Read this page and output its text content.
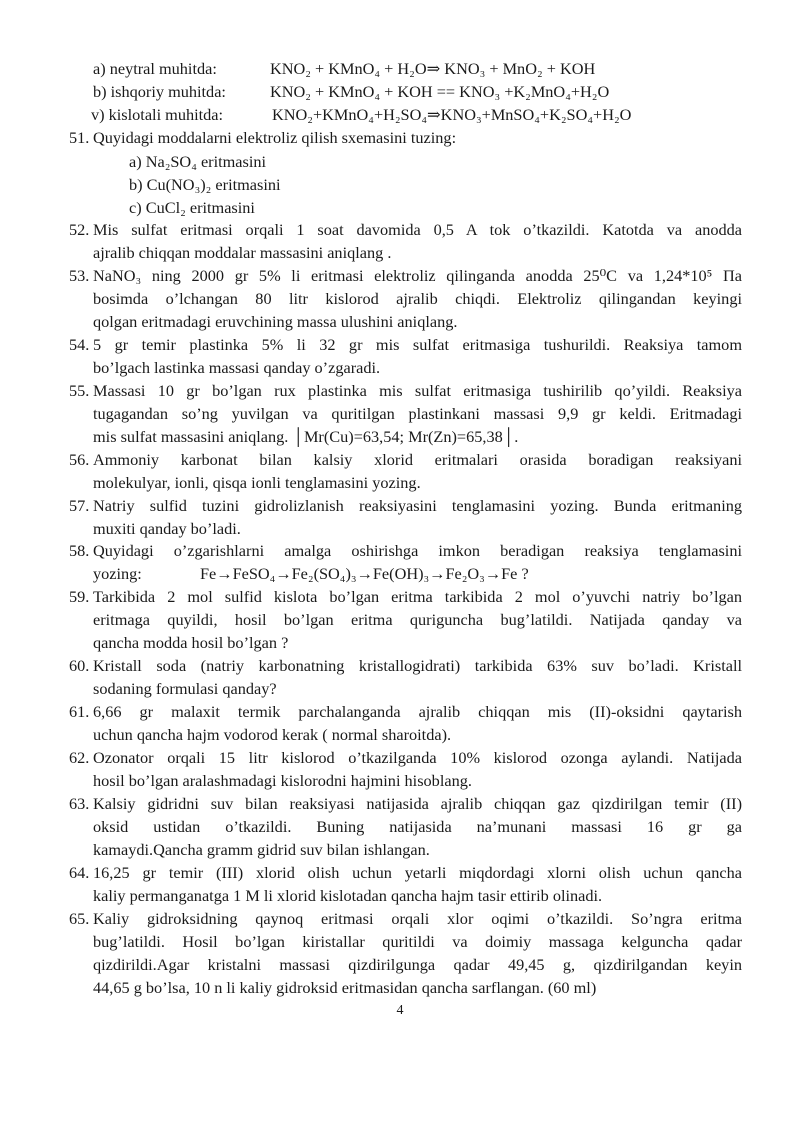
a) neytral muhitda:	KNO₂ + KMnO₄ + H₂O⇒ KNO₃ + MnO₂ + KOH
b) ishqoriy muhitda:	KNO₂ + KMnO₄ + KOH == KNO₃ +K₂MnO₄+H₂O
v) kislotali muhitda:	KNO₂+KMnO₄+H₂SO₄⇒KNO₃+MnSO₄+K₂SO₄+H₂O
51. Quyidagi moddalarni elektroliz qilish sxemasini tuzing:
a) Na₂SO₄ eritmasini
b) Cu(NO₃)₂ eritmasini
c) CuCl₂ eritmasini
52. Mis sulfat eritmasi orqali 1 soat davomida 0,5 A tok o’tkazildi. Katotda va anodda
ajralib chiqqan moddalar massasini aniqlang .
53. NaNO₃ ning 2000 gr 5% li eritmasi elektroliz qilinganda anodda 25⁰C va 1,24*10⁵ Па
bosimda o’lchangan 80 litr kislorod ajralib chiqdi. Elektroliz qilingandan keyingi
qolgan eritmadagi eruvchining massa ulushini aniqlang.
54. 5 gr temir plastinka 5% li 32 gr mis sulfat eritmasiga tushurildi. Reaksiya tamom
bo’lgach lastinka massasi qanday o’zgaradi.
55. Massasi 10 gr bo’lgan rux plastinka mis sulfat eritmasiga tushirilib qo’yildi. Reaksiya
tugagandan so’ng yuvilgan va quritilgan plastinkani massasi 9,9 gr keldi. Eritmadagi
mis sulfat massasini aniqlang. │Mr(Cu)=63,54; Mr(Zn)=65,38│.
56. Ammoniy karbonat bilan kalsiy xlorid eritmalari orasida boradigan reaksiyani
molekulyar, ionli, qisqa ionli tenglamasini yozing.
57. Natriy sulfid tuzini gidrolizlanish reaksiyasini tenglamasini yozing. Bunda eritmaning
muxiti qanday bo’ladi.
58. Quyidagi o’zgarishlarni amalga oshirishga imkon beradigan reaksiya tenglamasini
yozing:	Fe→FeSO₄→Fe₂(SO₄)₃→Fe(OH)₃→Fe₂O₃→Fe ?
59. Tarkibida 2 mol sulfid kislota bo’lgan eritma tarkibida 2 mol o’yuvchi natriy bo’lgan
eritmaga quyildi, hosil bo’lgan eritma quriguncha bug’latildi. Natijada qanday va
qancha modda hosil bo’lgan ?
60. Kristall soda (natriy karbonatning kristallogidrati) tarkibida 63% suv bo’ladi. Kristall
sodaning formulasi qanday?
61. 6,66 gr malaxit termik parchalanganda ajralib chiqqan mis (II)-oksidni qaytarish
uchun qancha hajm vodorod kerak ( normal sharoitda).
62. Ozonator orqali 15 litr kislorod o’tkazilganda 10% kislorod ozonga aylandi. Natijada
hosil bo’lgan aralashmadagi kislorodni hajmini hisoblang.
63. Kalsiy gidridni suv bilan reaksiyasi natijasida ajralib chiqqan gaz qizdirilgan temir (II)
oksid ustidan o’tkazildi. Buning natijasida na’munani massasi 16 gr ga
kamaydi.Qancha gramm gidrid suv bilan ishlangan.
64. 16,25 gr temir (III) xlorid olish uchun yetarli miqdordagi xlorni olish uchun qancha
kaliy permanganatga 1 M li xlorid kislotadan qancha hajm tasir ettirib olinadi.
65. Kaliy gidroksidning qaynoq eritmasi orqali xlor oqimi o’tkazildi. So’ngra eritma
bug’latildi. Hosil bo’lgan kiristallar quritildi va doimiy massaga kelguncha qadar
qizdirildi.Agar kristalni massasi qizdirilgunga qadar 49,45 g, qizdirilgandan keyin
44,65 g bo’lsa, 10 n li kaliy gidroksid eritmasidan qancha sarflangan. (60 ml)
4
